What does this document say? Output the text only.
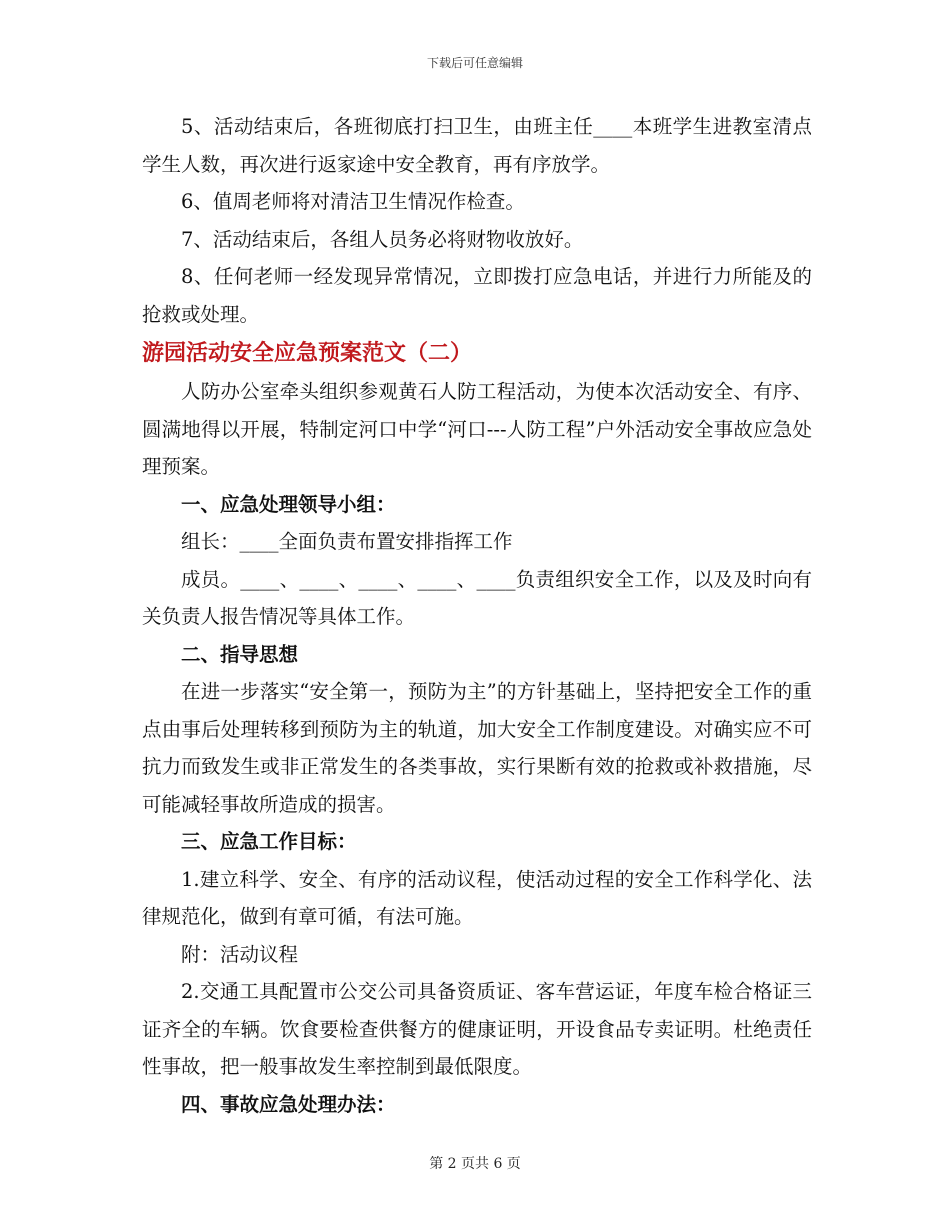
下载后可任意编辑

5、活动结束后，各班彻底打扫卫生，由班主任____本班学生进教室清点学生人数，再次进行返家途中安全教育，再有序放学。

6、值周老师将对清洁卫生情况作检查。

7、活动结束后，各组人员务必将财物收放好。

8、任何老师一经发现异常情况，立即拨打应急电话，并进行力所能及的抢救或处理。

游园活动安全应急预案范文（二）

人防办公室牵头组织参观黄石人防工程活动，为使本次活动安全、有序、圆满地得以开展，特制定河口中学“河口---人防工程”户外活动安全事故应急处理预案。

一、应急处理领导小组：

组长：____全面负责布置安排指挥工作

成员。____、____、____、____、____负责组织安全工作，以及及时向有关负责人报告情况等具体工作。

二、指导思想

在进一步落实“安全第一，预防为主”的方针基础上，坚持把安全工作的重点由事后处理转移到预防为主的轨道，加大安全工作制度建设。对确实应不可抗力而致发生或非正常发生的各类事故，实行果断有效的抢救或补救措施，尽可能减轻事故所造成的损害。

三、应急工作目标：

1.建立科学、安全、有序的活动议程，使活动过程的安全工作科学化、法律规范化，做到有章可循，有法可施。

附：活动议程

2.交通工具配置市公交公司具备资质证、客车营运证，年度车检合格证三证齐全的车辆。饮食要检查供餐方的健康证明，开设食品专卖证明。杜绝责任性事故，把一般事故发生率控制到最低限度。

四、事故应急处理办法：

第 2 页共 6 页
